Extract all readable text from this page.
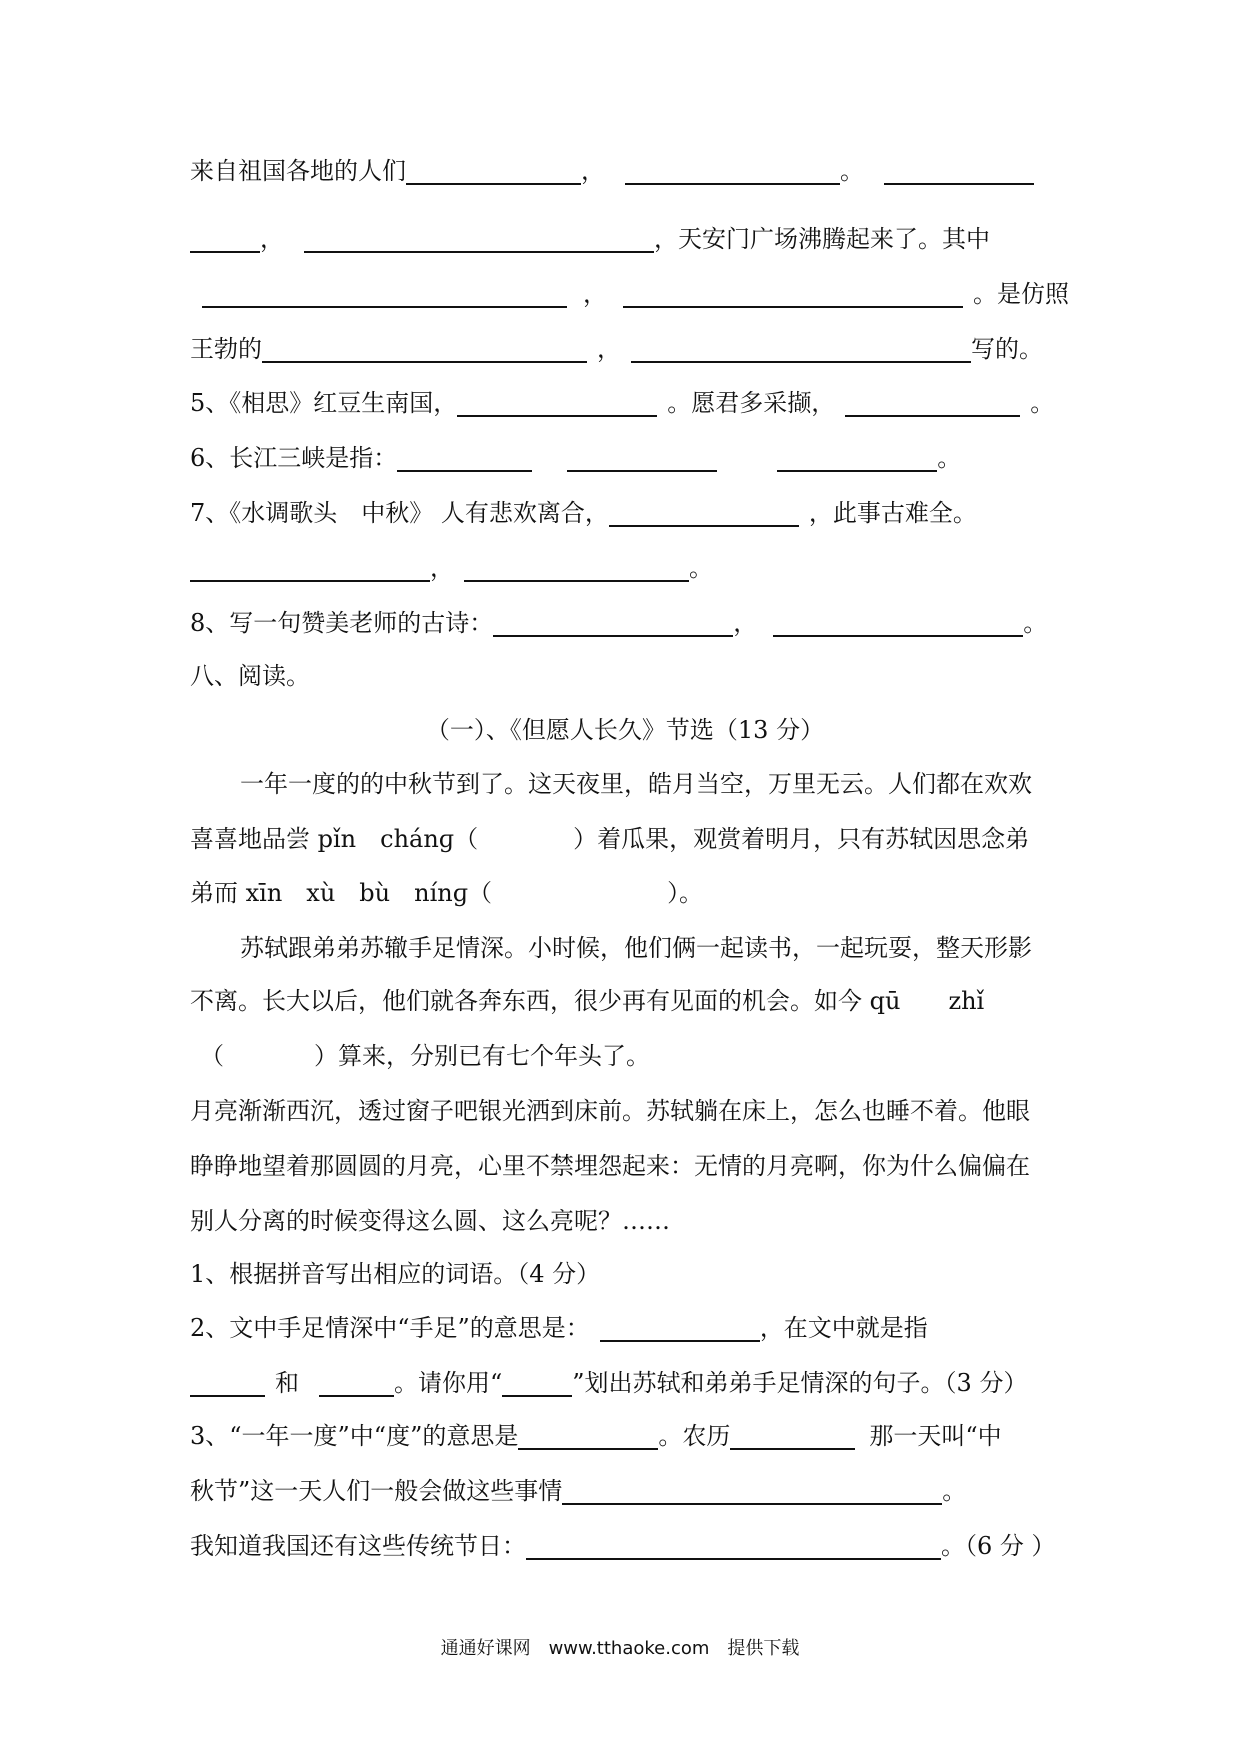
来自祖国各地的人们	，	。
，	，天安门广场沸腾起来了。其中
，	。是仿照
王勃的	，	写的。
5、《相思》红豆生南国，	。愿君多采撷，	。
6、长江三峡是指：	。
7、《水调歌头　中秋》 人有悲欢离合，	，此事古难全。
，	。
8、写一句赞美老师的古诗：	，	。
八、阅读。
（一）、《但愿人长久》节选（13 分）
一年一度的的中秋节到了。这天夜里，皓月当空，万里无云。人们都在欢欢
喜喜地品尝 pǐn　chánɡ（	）着瓜果，观赏着明月，只有苏轼因思念弟
弟而 xīn　xù　bù　nínɡ（	）。
苏轼跟弟弟苏辙手足情深。小时候，他们俩一起读书，一起玩耍，整天形影
不离。长大以后，他们就各奔东西，很少再有见面的机会。如今 qū　　zhǐ
（	）算来，分别已有七个年头了。
月亮渐渐西沉，透过窗子吧银光洒到床前。苏轼躺在床上，怎么也睡不着。他眼
睁睁地望着那圆圆的月亮，心里不禁埋怨起来：无情的月亮啊，你为什么偏偏在
别人分离的时候变得这么圆、这么亮呢？……
1、根据拼音写出相应的词语。（4 分）
2、文中手足情深中“手足”的意思是：	，在文中就是指
和	。请你用“	”划出苏轼和弟弟手足情深的句子。（3 分）
3、“一年一度”中“度”的意思是	。农历	那一天叫“中
秋节”这一天人们一般会做这些事情	。
我知道我国还有这些传统节日：	。（6 分 ）
通通好课网　www.tthaoke.com　提供下载
